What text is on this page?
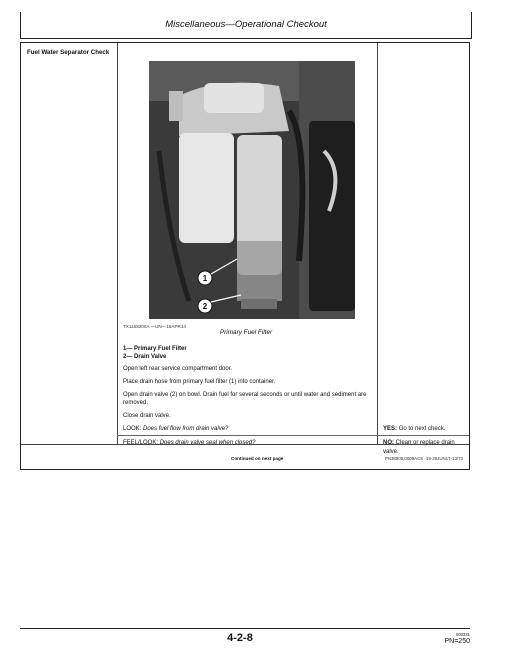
Miscellaneous—Operational Checkout
Fuel Water Separator Check
1
2
TX1158200A —UN—16APR14
Primary Fuel Filter
1— Primary Fuel Filter
2— Drain Valve
Open left rear service compartment door.
Place drain hose from primary fuel filter (1) into container.
Open drain valve (2) on bowl. Drain fuel for several seconds or until water and sediment are removed.
Close drain valve.
LOOK: Does fuel flow from drain valve?	YES: Go to next check.
FEEL/LOOK: Does drain valve seal when closed?	NO: Clean or replace drain valve.
Continued on next page	PN38905,0009ACS -19-29JUN17-13/73
4-2-8	000331
PN=250
